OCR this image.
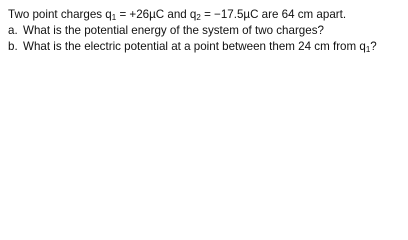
Two point charges $q_1 = +26\mu C$ and $q_2 = -17.5\mu C$ are 64 cm apart.
a. What is the potential energy of the system of two charges?
b. What is the electric potential at a point between them 24 cm from $q_1$?
